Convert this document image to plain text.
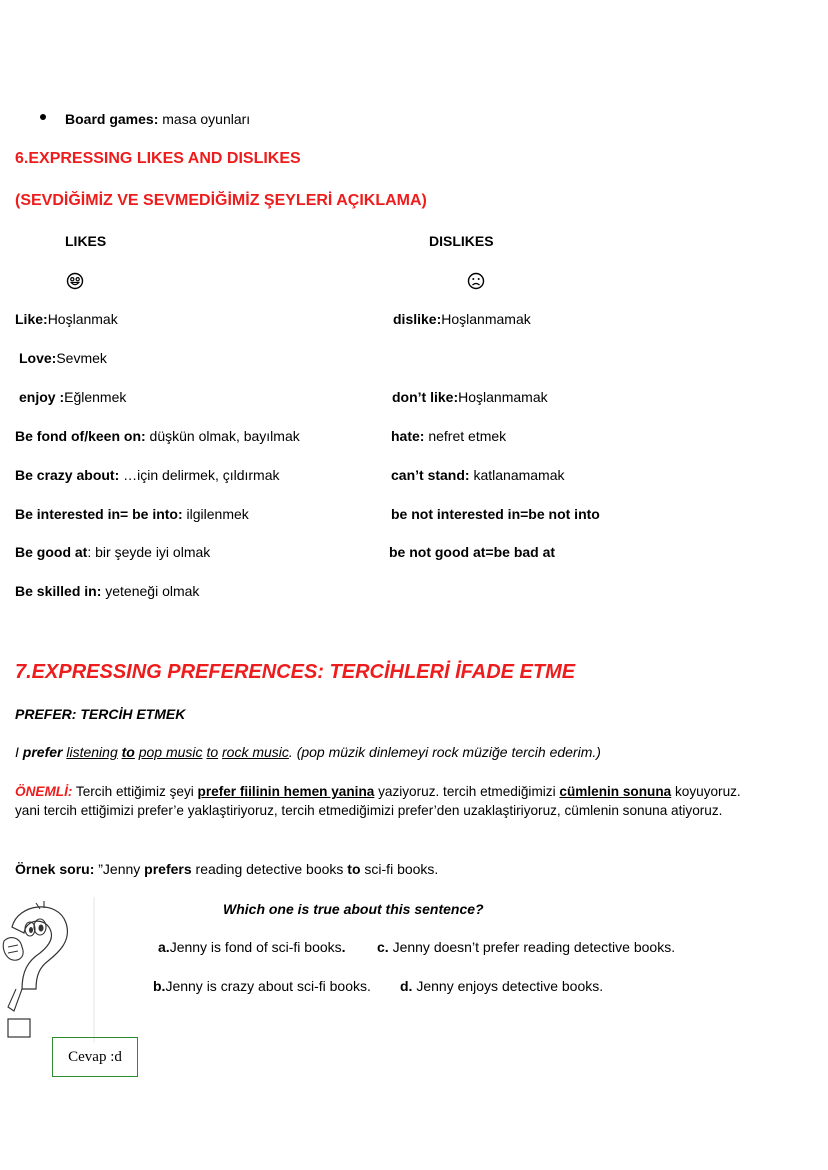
Board games: masa oyunları
6.EXPRESSING LIKES AND DISLIKES
(SEVDİĞİMİZ VE SEVMEDİĞİMİZ ŞEYLERİ AÇIKLAMA)
LIKES	DISLIKES
Like:Hoşlanmak
Love:Sevmek
enjoy :Eğlenmek
Be fond of/keen on: düşkün olmak, bayılmak
Be crazy about: …için delirmek, çıldırmak
Be interested in= be into: ilgilenmek
Be good at: bir şeyde iyi olmak
Be skilled in: yeteneği olmak
dislike:Hoşlanmamak
don’t like:Hoşlanmamak
hate: nefret etmek
can’t stand: katlanamamak
be not interested in=be not into
be not good at=be bad at
7.EXPRESSING PREFERENCES: TERCİHLERİ İFADE ETME
PREFER: TERCİH ETMEK
I prefer listening to pop music to rock music. (pop müzik dinlemeyi rock müziğe tercih ederim.)
ÖNEMLİ: Tercih ettiğimiz şeyi prefer fiilinin hemen yanina yaziyoruz. tercih etmediğimizi cümlenin sonuna koyuyoruz.
yani tercih ettiğimizi prefer’e yaklaştiriyoruz, tercih etmediğimizi prefer’den uzaklaştiriyoruz, cümlenin sonuna atiyoruz.
Örnek soru: ”Jenny prefers reading detective books to sci-fi books.
Which one is true about this sentence?
a.Jenny is fond of sci-fi books. c. Jenny doesn’t prefer reading detective books.
b.Jenny is crazy about sci-fi books. d. Jenny enjoys detective books.
Cevap :d
